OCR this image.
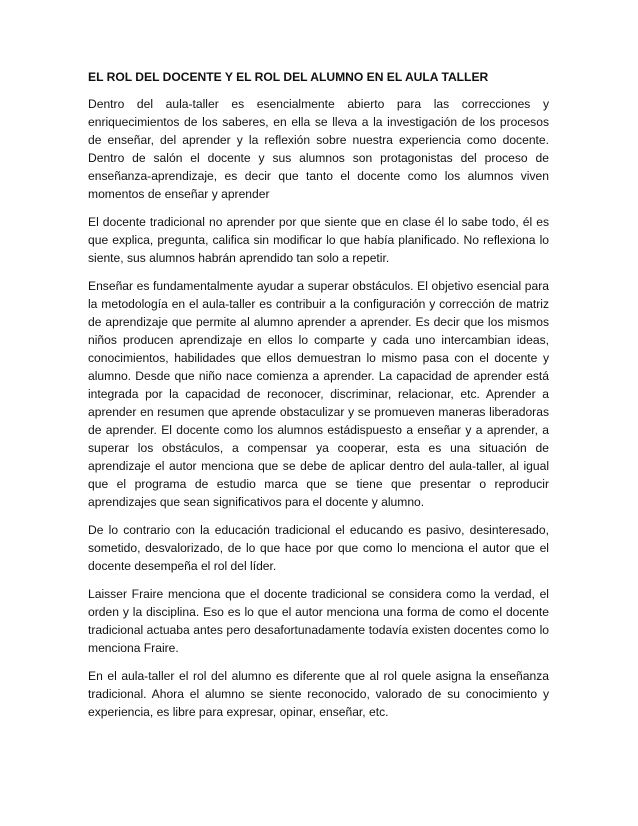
EL ROL DEL DOCENTE Y EL ROL DEL ALUMNO EN EL AULA TALLER

Dentro del aula-taller es esencialmente abierto para las correcciones y enriquecimientos de los saberes, en ella se lleva a la investigación de los procesos de enseñar, del aprender y la reflexión sobre nuestra experiencia como docente. Dentro de salón el docente y sus alumnos son protagonistas del proceso de enseñanza-aprendizaje, es decir que tanto el docente como los alumnos viven momentos de enseñar y aprender

El docente tradicional no aprender por que siente que en clase él lo sabe todo, él es que explica, pregunta, califica sin modificar lo que había planificado. No reflexiona lo siente, sus alumnos habrán aprendido tan solo a repetir.

Enseñar es fundamentalmente ayudar a superar obstáculos. El objetivo esencial para la metodología en el aula-taller es contribuir a la configuración y corrección de matriz de aprendizaje que permite al alumno aprender a aprender. Es decir que los mismos niños producen aprendizaje en ellos lo comparte y cada uno intercambian ideas, conocimientos, habilidades que ellos demuestran lo mismo pasa con el docente y alumno. Desde que niño nace comienza a aprender. La capacidad de aprender está integrada por la capacidad de reconocer, discriminar, relacionar, etc. Aprender a aprender en resumen que aprende obstaculizar y se promueven maneras liberadoras de aprender. El docente como los alumnos estádispuesto a enseñar y a aprender, a superar los obstáculos, a compensar ya cooperar, esta es una situación de aprendizaje el autor menciona que se debe de aplicar dentro del aula-taller, al igual que el programa de estudio marca que se tiene que presentar o reproducir aprendizajes que sean significativos para el docente y alumno.

De lo contrario con la educación tradicional el educando es pasivo, desinteresado, sometido, desvalorizado, de lo que hace por que como lo menciona el autor que el docente desempeña el rol del líder.

Laisser Fraire menciona que el docente tradicional se considera como la verdad, el orden y la disciplina. Eso es lo que el autor menciona una forma de como el docente tradicional actuaba antes pero desafortunadamente todavía existen docentes como lo menciona Fraire.

En el aula-taller el rol del alumno es diferente que al rol quele asigna la enseñanza tradicional. Ahora el alumno se siente reconocido, valorado de su conocimiento y experiencia, es libre para expresar, opinar, enseñar, etc.
